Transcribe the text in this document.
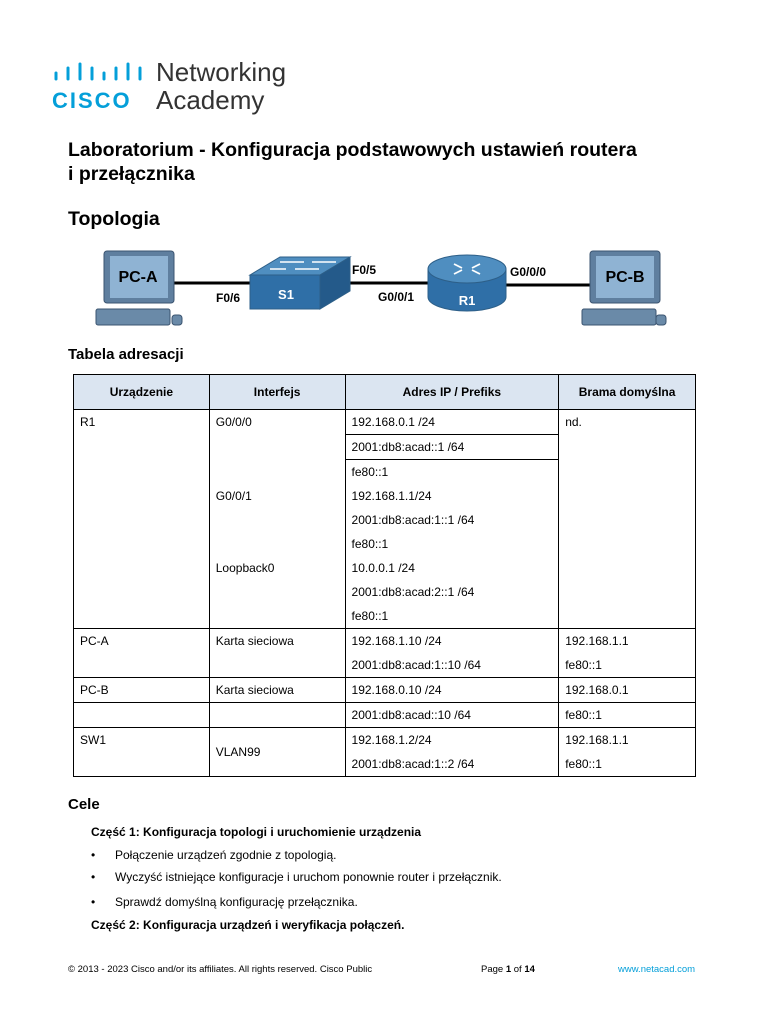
CISCO
Networking
Academy
Laboratorium - Konfiguracja podstawowych ustawień routera
i przełącznika
Topologia
PC-A
S1	R1
PC-B
F0/6
F0/5
G0/0/1
G0/0/0
Tabela adresacji
Urządzenie	Interfejs	Adres IP / Prefiks	Brama domyślna
R1	G0/0/0	192.168.0.1 /24	nd.
		2001:db8:acad::1 /64	
		fe80::1	
	G0/0/1	192.168.1.1/24	
		2001:db8:acad:1::1 /64	
		fe80::1	
	Loopback0	10.0.0.1 /24	
		2001:db8:acad:2::1 /64	
		fe80::1	
PC-A	Karta sieciowa	192.168.1.10 /24	192.168.1.1
		2001:db8:acad:1::10 /64	fe80::1
PC-B	Karta sieciowa	192.168.0.10 /24	192.168.0.1
		2001:db8:acad::10 /64	fe80::1
SW1	VLAN99	192.168.1.2/24	192.168.1.1
		2001:db8:acad:1::2 /64	fe80::1
Cele
Część 1: Konfiguracja topologi i uruchomienie urządzenia
• Połączenie urządzeń zgodnie z topologią.
• Wyczyść istniejące konfiguracje i uruchom ponownie router i przełącznik.
• Sprawdź domyślną konfigurację przełącznika.
Część 2: Konfiguracja urządzeń i weryfikacja połączeń.
© 2013 - 2023 Cisco and/or its affiliates. All rights reserved. Cisco Public	Page 1 of 14	www.netacad.com
